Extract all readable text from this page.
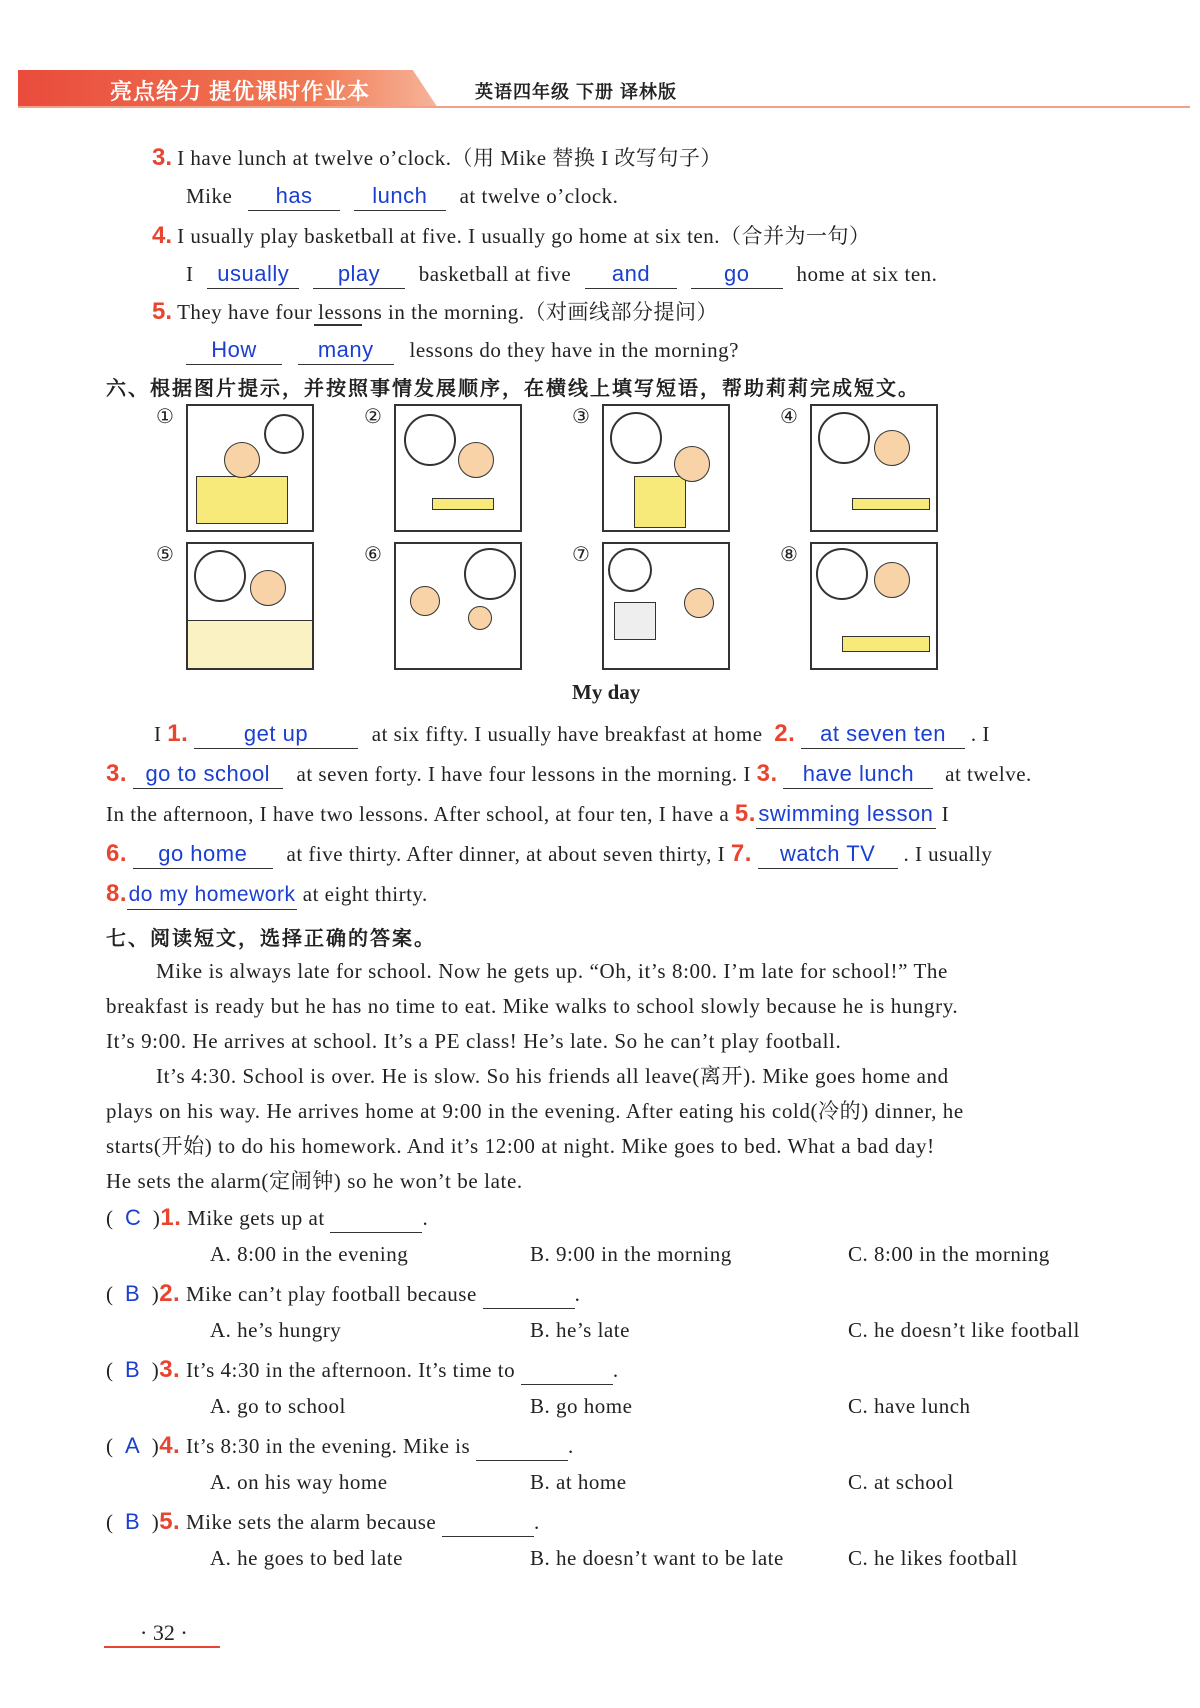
亮点给力 提优课时作业本	英语四年级 下册 译林版
3. I have lunch at twelve o’clock.（用 Mike 替换 I 改写句子）
Mike has	lunch at twelve o’clock.
4. I usually play basketball at five. I usually go home at six ten.（合并为一句）
I usually play basketball at five and	go home at six ten.
5. They have four lessons in the morning.（对画线部分提问）
How	many lessons do they have in the morning?
六、根据图片提示，并按照事情发展顺序，在横线上填写短语，帮助莉莉完成短文。
①	②	③	④
⑤	⑥	⑦	⑧
My day
I 1.	get up	at six fifty. I usually have breakfast at home 2. at seven ten . I
3. go to school at seven forty. I have four lessons in the morning. I 3. have lunch at twelve.
In the afternoon, I have two lessons. After school, at four ten, I have a 5. swimming lesson I
6. go home at five thirty. After dinner, at about seven thirty, I 7. watch TV . I usually
8.do my homework at eight thirty.
七、阅读短文，选择正确的答案。
Mike is always late for school. Now he gets up. “Oh, it’s 8:00. I’m late for school!” The
breakfast is ready but he has no time to eat. Mike walks to school slowly because he is hungry.
It’s 9:00. He arrives at school. It’s a PE class! He’s late. So he can’t play football.
It’s 4:30. School is over. He is slow. So his friends all leave(离开). Mike goes home and
plays on his way. He arrives home at 9:00 in the evening. After eating his cold(冷的) dinner, he
starts(开始) to do his homework. And it’s 12:00 at night. Mike goes to bed. What a bad day!
He sets the alarm(定闹钟) so he won’t be late.
(  C  )1. Mike gets up at	.
A. 8:00 in the evening	B. 9:00 in the morning	C. 8:00 in the morning
(  B  )2. Mike can’t play football because	.
A. he’s hungry	B. he’s late	C. he doesn’t like football
(  B  )3. It’s 4:30 in the afternoon. It’s time to	.
A. go to school	B. go home	C. have lunch
(  A  )4. It’s 8:30 in the evening. Mike is	.
A. on his way home	B. at home	C. at school
(  B  )5. Mike sets the alarm because	.
A. he goes to bed late	B. he doesn’t want to be late	C. he likes football
· 32 ·
